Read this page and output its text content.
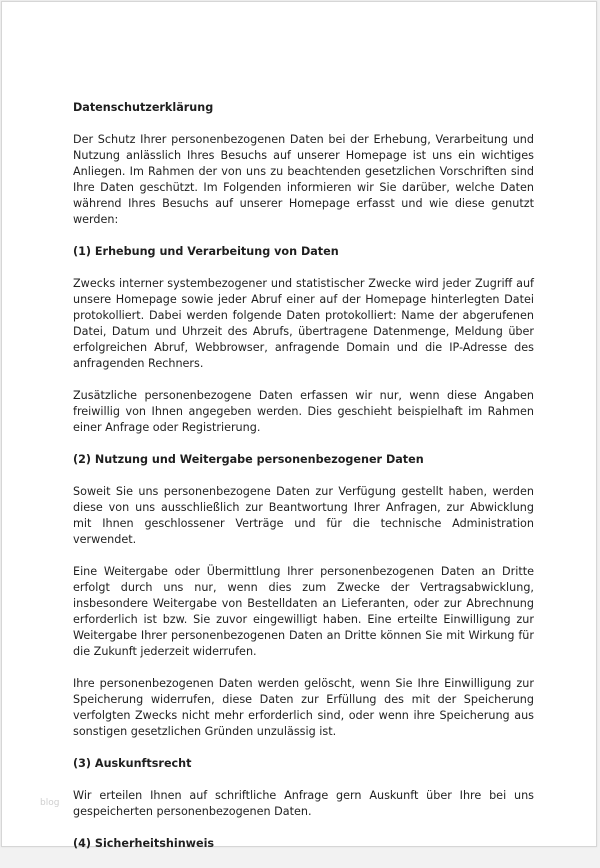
Datenschutzerklärung

Der Schutz Ihrer personenbezogenen Daten bei der Erhebung, Verarbeitung und Nutzung anlässlich Ihres Besuchs auf unserer Homepage ist uns ein wichtiges Anliegen. Im Rahmen der von uns zu beachtenden gesetzlichen Vorschriften sind Ihre Daten geschützt. Im Folgenden informieren wir Sie darüber, welche Daten während Ihres Besuchs auf unserer Homepage erfasst und wie diese genutzt werden:

(1) Erhebung und Verarbeitung von Daten

Zwecks interner systembezogener und statistischer Zwecke wird jeder Zugriff auf unsere Homepage sowie jeder Abruf einer auf der Homepage hinterlegten Datei protokolliert. Dabei werden folgende Daten protokolliert: Name der abgerufenen Datei, Datum und Uhrzeit des Abrufs, übertragene Datenmenge, Meldung über erfolgreichen Abruf, Webbrowser, anfragende Domain und die IP-Adresse des anfragenden Rechners.

Zusätzliche personenbezogene Daten erfassen wir nur, wenn diese Angaben freiwillig von Ihnen angegeben werden. Dies geschieht beispielhaft im Rahmen einer Anfrage oder Registrierung.

(2) Nutzung und Weitergabe personenbezogener Daten

Soweit Sie uns personenbezogene Daten zur Verfügung gestellt haben, werden diese von uns ausschließlich zur Beantwortung Ihrer Anfragen, zur Abwicklung mit Ihnen geschlossener Verträge und für die technische Administration verwendet.

Eine Weitergabe oder Übermittlung Ihrer personenbezogenen Daten an Dritte erfolgt durch uns nur, wenn dies zum Zwecke der Vertragsabwicklung, insbesondere Weitergabe von Bestelldaten an Lieferanten, oder zur Abrechnung erforderlich ist bzw. Sie zuvor eingewilligt haben. Eine erteilte Einwilligung zur Weitergabe Ihrer personenbezogenen Daten an Dritte können Sie mit Wirkung für die Zukunft jederzeit widerrufen.

Ihre personenbezogenen Daten werden gelöscht, wenn Sie Ihre Einwilligung zur Speicherung widerrufen, diese Daten zur Erfüllung des mit der Speicherung verfolgten Zwecks nicht mehr erforderlich sind, oder wenn ihre Speicherung aus sonstigen gesetzlichen Gründen unzulässig ist.

(3) Auskunftsrecht

Wir erteilen Ihnen auf schriftliche Anfrage gern Auskunft über Ihre bei uns gespeicherten personenbezogenen Daten.

(4) Sicherheitshinweis
blog
